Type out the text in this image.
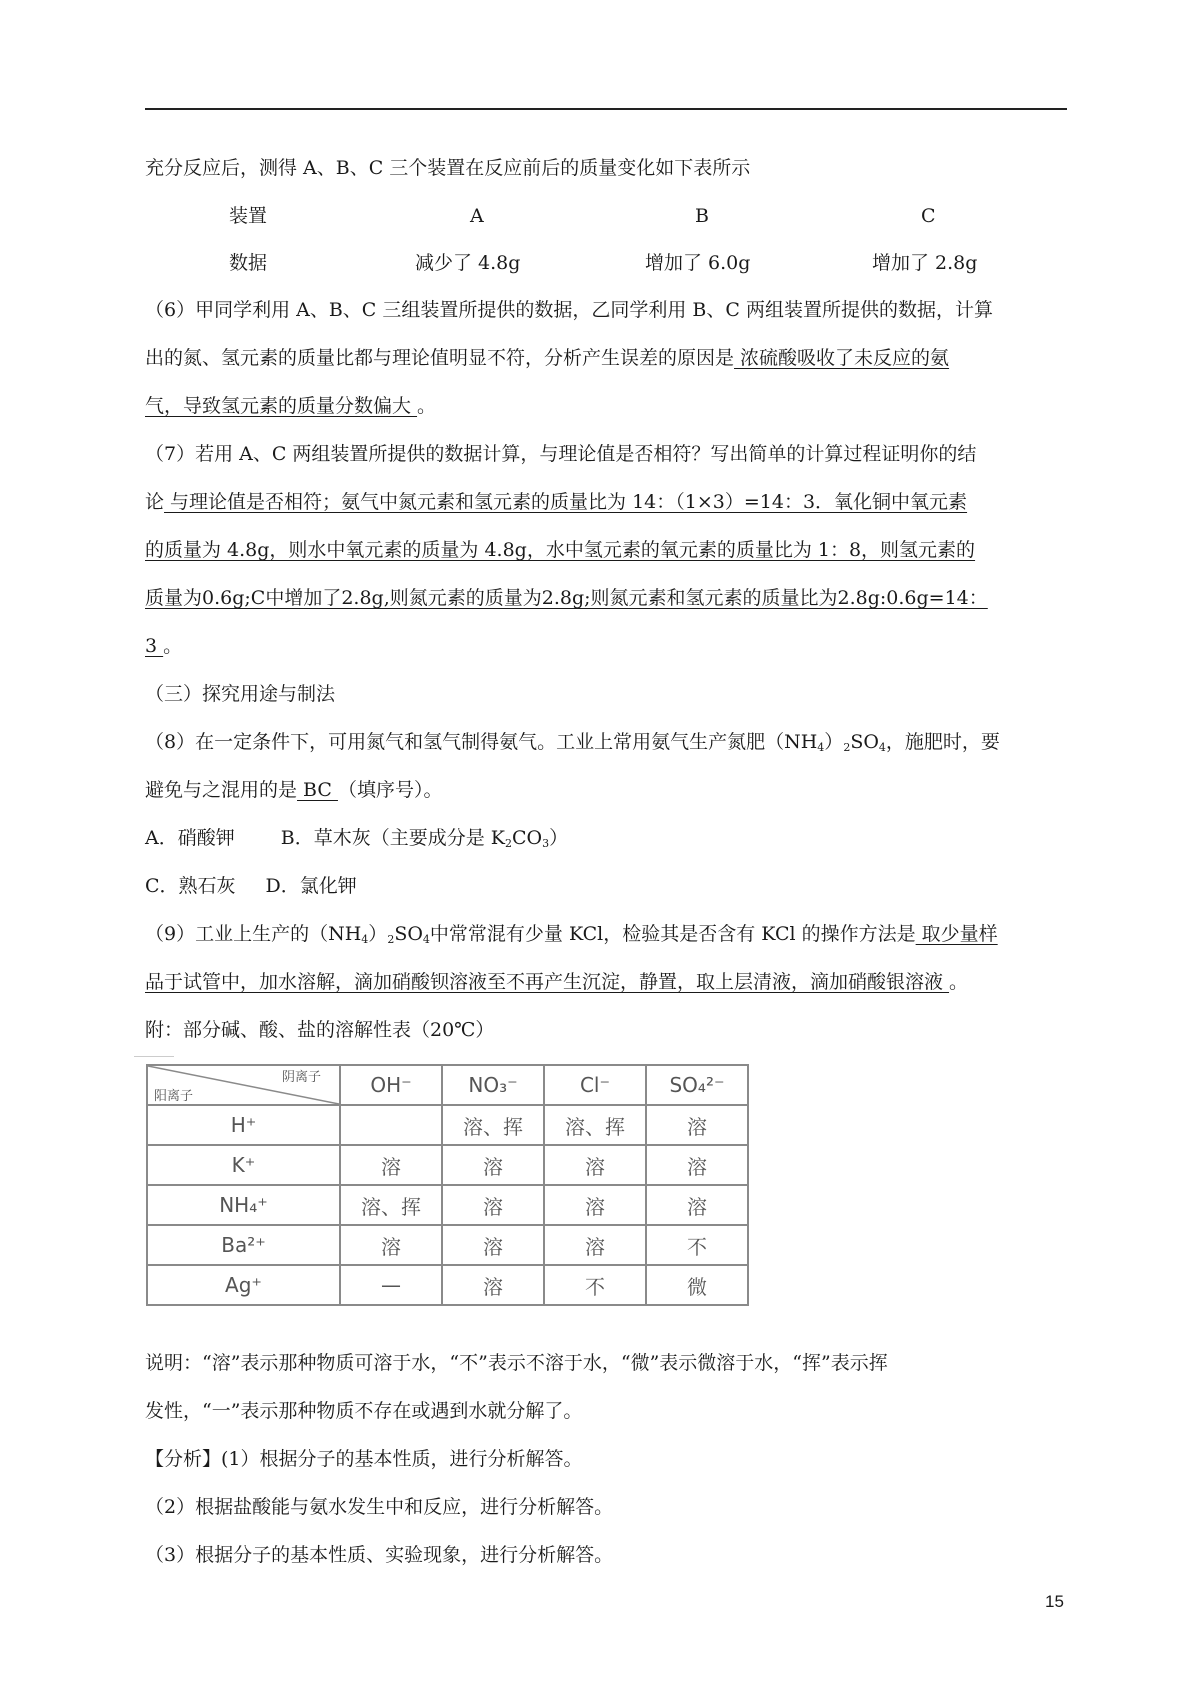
充分反应后，测得 A、B、C 三个装置在反应前后的质量变化如下表所示
装置	A	B	C
数据	减少了 4.8g	增加了 6.0g	增加了 2.8g
（6）甲同学利用 A、B、C 三组装置所提供的数据，乙同学利用 B、C 两组装置所提供的数据，计算
出的氮、氢元素的质量比都与理论值明显不符，分析产生误差的原因是 浓硫酸吸收了未反应的氨
气，导致氢元素的质量分数偏大 。
（7）若用 A、C 两组装置所提供的数据计算，与理论值是否相符？写出简单的计算过程证明你的结
论 与理论值是否相符；氨气中氮元素和氢元素的质量比为 14：（1×3）=14：3．氧化铜中氧元素
的质量为 4.8g，则水中氧元素的质量为 4.8g，水中氢元素的氧元素的质量比为 1：8，则氢元素的
质量为0.6g;C中增加了2.8g,则氮元素的质量为2.8g;则氮元素和氢元素的质量比为2.8g:0.6g=14：
3 。
（三）探究用途与制法
（8）在一定条件下，可用氮气和氢气制得氨气。工业上常用氨气生产氮肥$(NH_4)_2SO_4$，施肥时，要
避免与之混用的是 BC （填序号）。
A．硝酸钾 B．草木灰（主要成分是 $K_2CO_3$）
C．熟石灰 D．氯化钾
（9）工业上生产的$(NH_4)_2SO_4$中常常混有少量 KCl，检验其是否含有 KCl 的操作方法是 取少量样
品于试管中，加水溶解，滴加硝酸钡溶液至不再产生沉淀，静置，取上层清液，滴加硝酸银溶液 。
附：部分碱、酸、盐的溶解性表（20℃）
阴离子
阳离子	OH⁻	NO₃⁻	Cl⁻	SO₄²⁻
H⁺		溶、挥	溶、挥	溶
K⁺	溶	溶	溶	溶
NH₄⁺	溶、挥	溶	溶	溶
Ba²⁺	溶	溶	溶	不
Ag⁺	—	溶	不	微
说明：“溶”表示那种物质可溶于水，“不”表示不溶于水，“微”表示微溶于水，“挥”表示挥
发性，“一”表示那种物质不存在或遇到水就分解了。
【分析】(1）根据分子的基本性质，进行分析解答。
（2）根据盐酸能与氨水发生中和反应，进行分析解答。
（3）根据分子的基本性质、实验现象，进行分析解答。
15
